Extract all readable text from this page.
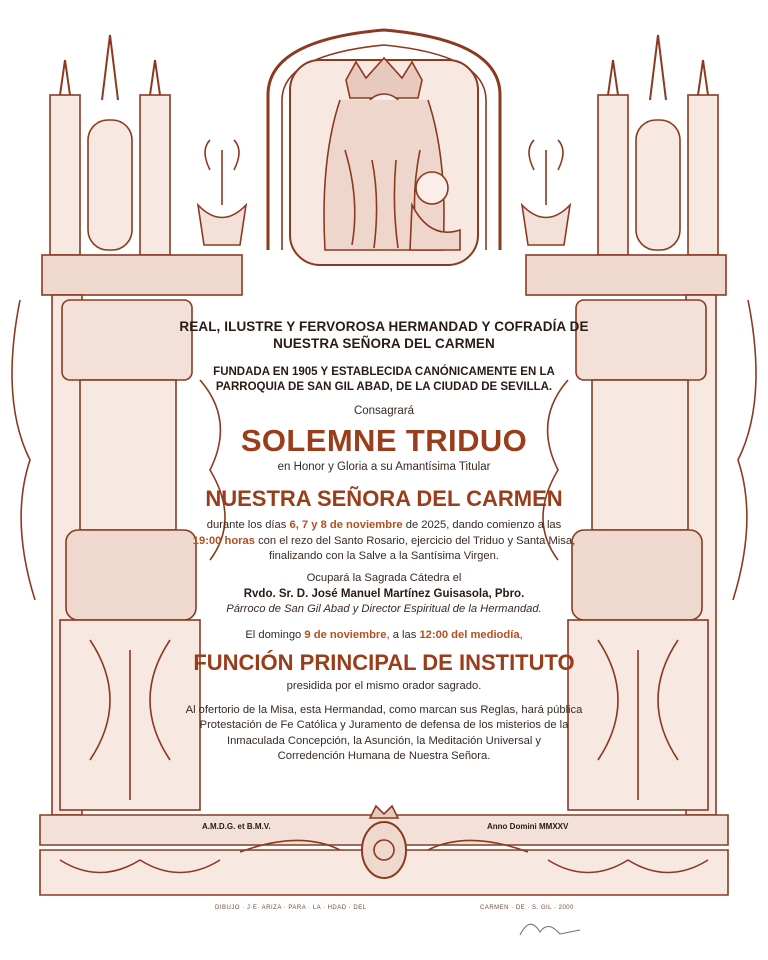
REAL, ILUSTRE Y FERVOROSA HERMANDAD Y COFRADÍA DE
NUESTRA SEÑORA DEL CARMEN
FUNDADA EN 1905 Y ESTABLECIDA CANÓNICAMENTE EN LA
PARROQUIA DE SAN GIL ABAD, DE LA CIUDAD DE SEVILLA.
Consagrará
SOLEMNE TRIDUO
en Honor y Gloria a su Amantísima Titular
NUESTRA SEÑORA DEL CARMEN
durante los días 6, 7 y 8 de noviembre de 2025, dando comienzo a las
19:00 horas con el rezo del Santo Rosario, ejercicio del Triduo y Santa Misa,
finalizando con la Salve a la Santísima Virgen.
Ocupará la Sagrada Cátedra el
Rvdo. Sr. D. José Manuel Martínez Guisasola, Pbro.
Párroco de San Gil Abad y Director Espiritual de la Hermandad.
El domingo 9 de noviembre, a las 12:00 del mediodía,
FUNCIÓN PRINCIPAL DE INSTITUTO
presidida por el mismo orador sagrado.
Al ofertorio de la Misa, esta Hermandad, como marcan sus Reglas, hará pública
Protestación de Fe Católica y Juramento de defensa de los misterios de la
Inmaculada Concepción, la Asunción, la Meditación Universal y
Corredención Humana de Nuestra Señora.
A.M.D.G. et B.M.V.	Anno Domini MMXXV
DIBUJO · J·E· ARIZA · PARA · LA · HDAD · DEL	CARMEN · DE · S. GIL · 2000
